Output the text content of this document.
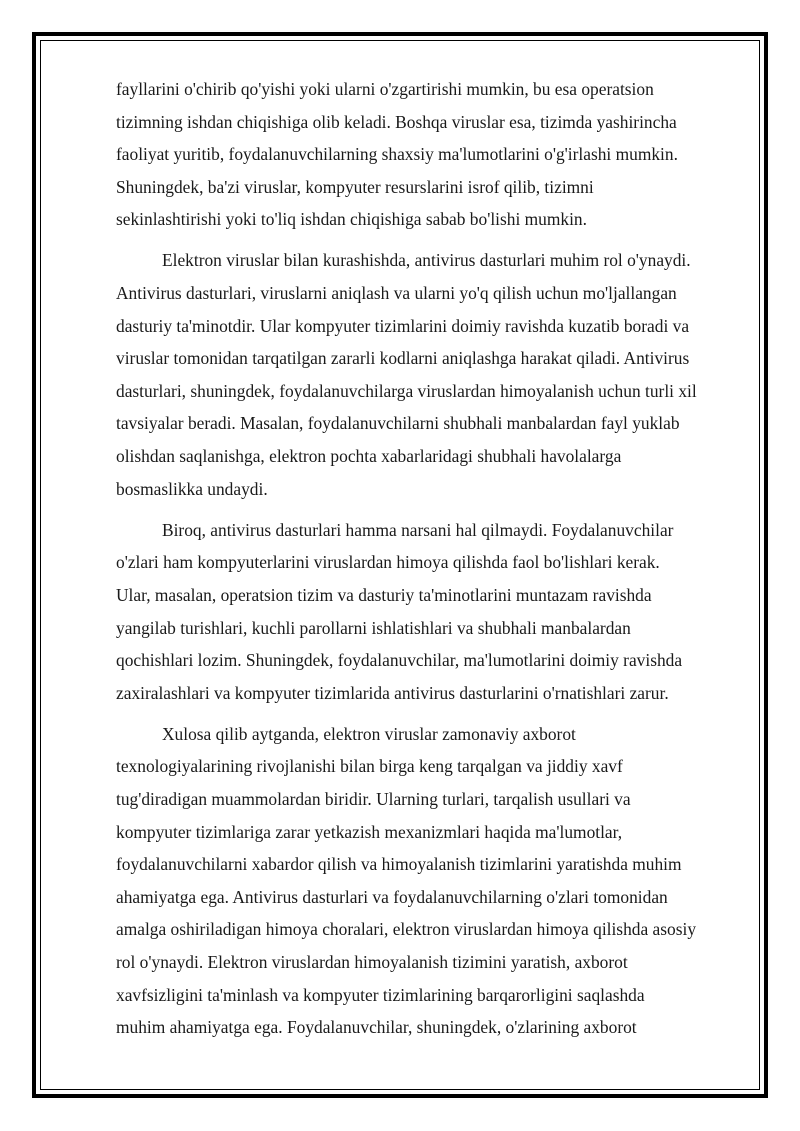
fayllarini o'chirib qo'yishi yoki ularni o'zgartirishi mumkin, bu esa operatsion
tizimning ishdan chiqishiga olib keladi. Boshqa viruslar esa, tizimda yashirincha
faoliyat yuritib, foydalanuvchilarning shaxsiy ma'lumotlarini o'g'irlashi mumkin.
Shuningdek, ba'zi viruslar, kompyuter resurslarini isrof qilib, tizimni
sekinlashtirishi yoki to'liq ishdan chiqishiga sabab bo'lishi mumkin.
Elektron viruslar bilan kurashishda, antivirus dasturlari muhim rol o'ynaydi.
Antivirus dasturlari, viruslarni aniqlash va ularni yo'q qilish uchun mo'ljallangan
dasturiy ta'minotdir. Ular kompyuter tizimlarini doimiy ravishda kuzatib boradi va
viruslar tomonidan tarqatilgan zararli kodlarni aniqlashga harakat qiladi. Antivirus
dasturlari, shuningdek, foydalanuvchilarga viruslardan himoyalanish uchun turli xil
tavsiyalar beradi. Masalan, foydalanuvchilarni shubhali manbalardan fayl yuklab
olishdan saqlanishga, elektron pochta xabarlaridagi shubhali havolalarga
bosmaslikka undaydi.
Biroq, antivirus dasturlari hamma narsani hal qilmaydi. Foydalanuvchilar
o'zlari ham kompyuterlarini viruslardan himoya qilishda faol bo'lishlari kerak.
Ular, masalan, operatsion tizim va dasturiy ta'minotlarini muntazam ravishda
yangilab turishlari, kuchli parollarni ishlatishlari va shubhali manbalardan
qochishlari lozim. Shuningdek, foydalanuvchilar, ma'lumotlarini doimiy ravishda
zaxiralashlari va kompyuter tizimlarida antivirus dasturlarini o'rnatishlari zarur.
Xulosa qilib aytganda, elektron viruslar zamonaviy axborot
texnologiyalarining rivojlanishi bilan birga keng tarqalgan va jiddiy xavf
tug'diradigan muammolardan biridir. Ularning turlari, tarqalish usullari va
kompyuter tizimlariga zarar yetkazish mexanizmlari haqida ma'lumotlar,
foydalanuvchilarni xabardor qilish va himoyalanish tizimlarini yaratishda muhim
ahamiyatga ega. Antivirus dasturlari va foydalanuvchilarning o'zlari tomonidan
amalga oshiriladigan himoya choralari, elektron viruslardan himoya qilishda asosiy
rol o'ynaydi. Elektron viruslardan himoyalanish tizimini yaratish, axborot
xavfsizligini ta'minlash va kompyuter tizimlarining barqarorligini saqlashda
muhim ahamiyatga ega. Foydalanuvchilar, shuningdek, o'zlarining axborot
